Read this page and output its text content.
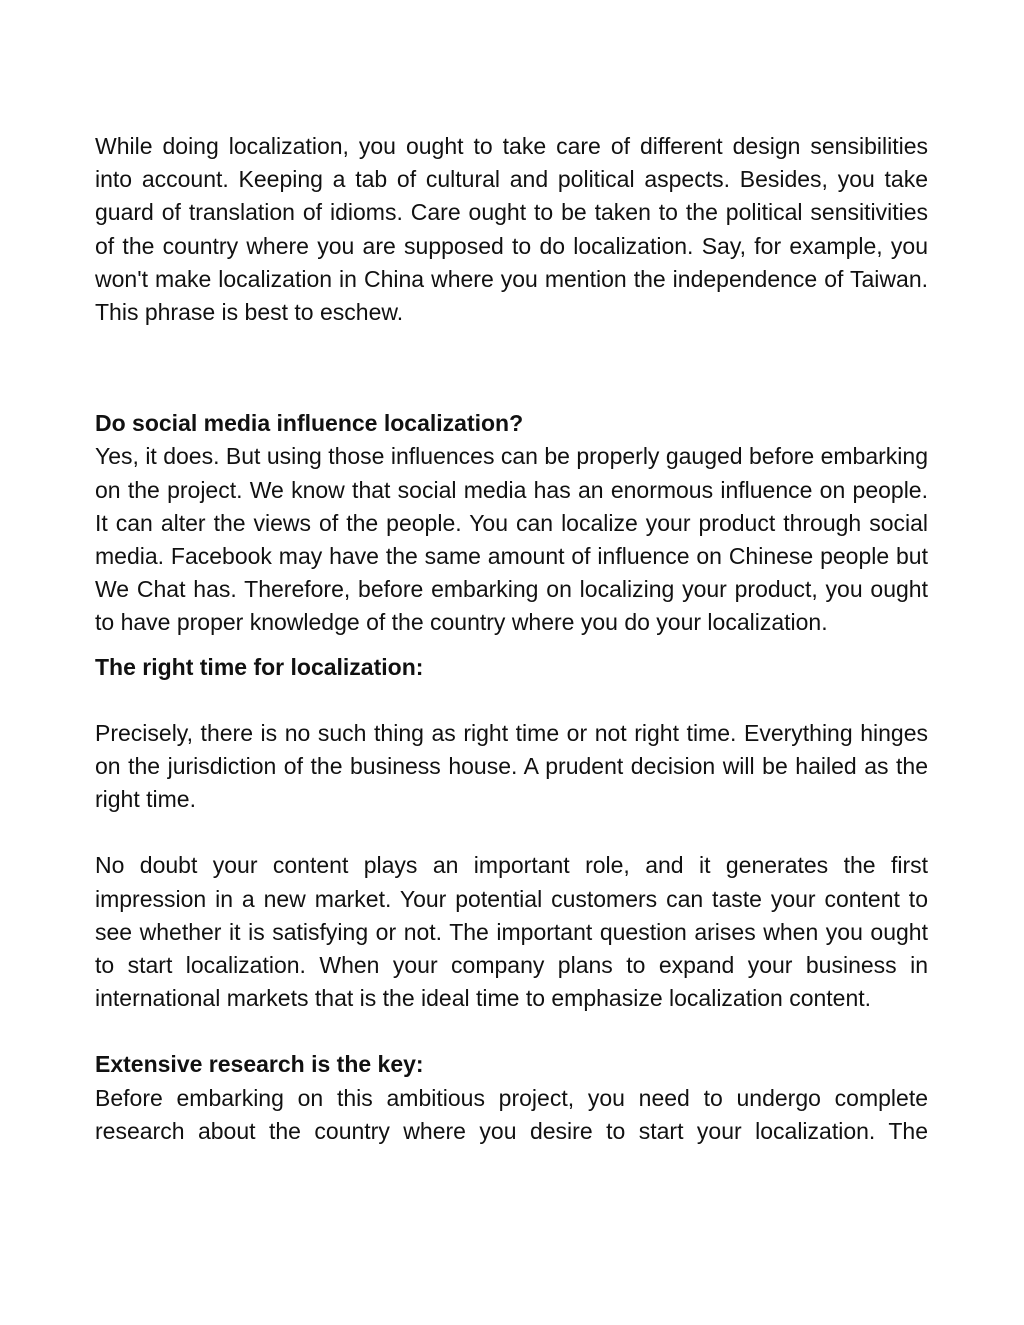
While doing localization, you ought to take care of different design sensibilities into account. Keeping a tab of cultural and political aspects. Besides, you take guard of translation of idioms. Care ought to be taken to the political sensitivities of the country where you are supposed to do localization. Say, for example, you won't make localization in China where you mention the independence of Taiwan. This phrase is best to eschew.

Do social media influence localization?

Yes, it does. But using those influences can be properly gauged before embarking on the project. We know that social media has an enormous influence on people. It can alter the views of the people. You can localize your product through social media. Facebook may have the same amount of influence on Chinese people but We Chat has. Therefore, before embarking on localizing your product, you ought to have proper knowledge of the country where you do your localization.

The right time for localization:

Precisely, there is no such thing as right time or not right time. Everything hinges on the jurisdiction of the business house. A prudent decision will be hailed as the right time.

No doubt your content plays an important role, and it generates the first impression in a new market. Your potential customers can taste your content to see whether it is satisfying or not. The important question arises when you ought to start localization. When your company plans to expand your business in international markets that is the ideal time to emphasize localization content.

Extensive research is the key:

Before embarking on this ambitious project, you need to undergo complete research about the country where you desire to start your localization. The
